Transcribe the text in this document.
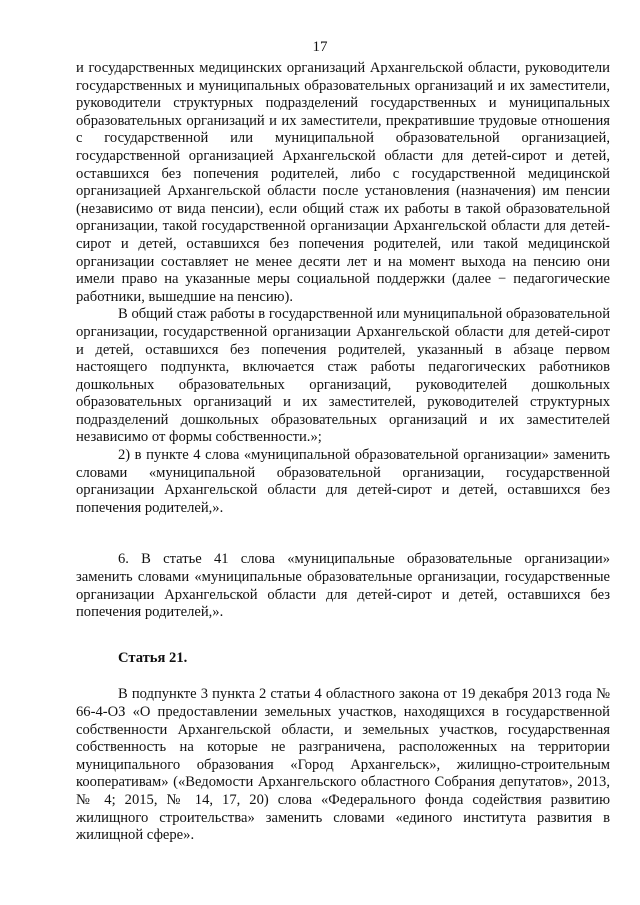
17

и государственных медицинских организаций Архангельской области, руководители государственных и муниципальных образовательных организаций и их заместители, руководители структурных подразделений государственных и муниципальных образовательных организаций и их заместители, прекратившие трудовые отношения с государственной или муниципальной образовательной организацией, государственной организацией Архангельской области для детей-сирот и детей, оставшихся без попечения родителей, либо с государственной медицинской организацией Архангельской области после установления (назначения) им пенсии (независимо от вида пенсии), если общий стаж их работы в такой образовательной организации, такой государственной организации Архангельской области для детей-сирот и детей, оставшихся без попечения родителей, или такой медицинской организации составляет не менее десяти лет и на момент выхода на пенсию они имели право на указанные меры социальной поддержки (далее − педагогические работники, вышедшие на пенсию).

В общий стаж работы в государственной или муниципальной образовательной организации, государственной организации Архангельской области для детей-сирот и детей, оставшихся без попечения родителей, указанный в абзаце первом настоящего подпункта, включается стаж работы педагогических работников дошкольных образовательных организаций, руководителей дошкольных образовательных организаций и их заместителей, руководителей структурных подразделений дошкольных образовательных организаций и их заместителей независимо от формы собственности.»;

2) в пункте 4 слова «муниципальной образовательной организации» заменить словами «муниципальной образовательной организации, государственной организации Архангельской области для детей-сирот и детей, оставшихся без попечения родителей,».

6. В статье 41 слова «муниципальные образовательные организации» заменить словами «муниципальные образовательные организации, государственные организации Архангельской области для детей-сирот и детей, оставшихся без попечения родителей,».

Статья 21.

В подпункте 3 пункта 2 статьи 4 областного закона от 19 декабря 2013 года № 66-4-ОЗ «О предоставлении земельных участков, находящихся в государственной собственности Архангельской области, и земельных участков, государственная собственность на которые не разграничена, расположенных на территории муниципального образования «Город Архангельск», жилищно-строительным кооперативам» («Ведомости Архангельского областного Собрания депутатов», 2013, № 4; 2015, № 14, 17, 20) слова «Федерального фонда содействия развитию жилищного строительства» заменить словами «единого института развития в жилищной сфере».
